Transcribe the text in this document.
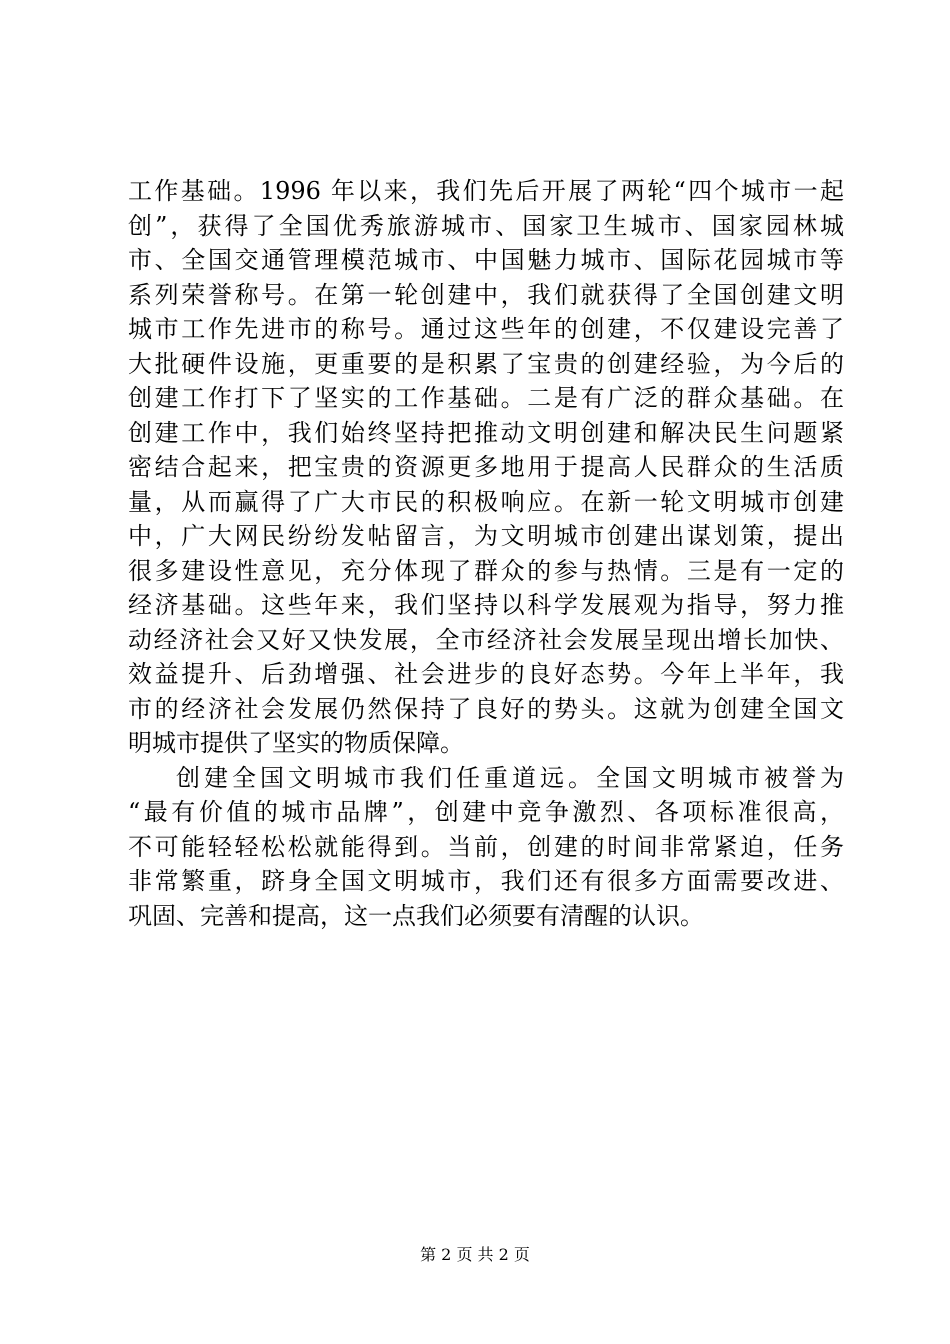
工作基础。1996 年以来，我们先后开展了两轮“四个城市一起
创”，获得了全国优秀旅游城市、国家卫生城市、国家园林城
市、全国交通管理模范城市、中国魅力城市、国际花园城市等
系列荣誉称号。在第一轮创建中，我们就获得了全国创建文明
城市工作先进市的称号。通过这些年的创建，不仅建设完善了
大批硬件设施，更重要的是积累了宝贵的创建经验，为今后的
创建工作打下了坚实的工作基础。二是有广泛的群众基础。在
创建工作中，我们始终坚持把推动文明创建和解决民生问题紧
密结合起来，把宝贵的资源更多地用于提高人民群众的生活质
量，从而赢得了广大市民的积极响应。在新一轮文明城市创建
中，广大网民纷纷发帖留言，为文明城市创建出谋划策，提出
很多建设性意见，充分体现了群众的参与热情。三是有一定的
经济基础。这些年来，我们坚持以科学发展观为指导，努力推
动经济社会又好又快发展，全市经济社会发展呈现出增长加快、
效益提升、后劲增强、社会进步的良好态势。今年上半年，我
市的经济社会发展仍然保持了良好的势头。这就为创建全国文
明城市提供了坚实的物质保障。
创建全国文明城市我们任重道远。全国文明城市被誉为
“最有价值的城市品牌”，创建中竞争激烈、各项标准很高，
不可能轻轻松松就能得到。当前，创建的时间非常紧迫，任务
非常繁重，跻身全国文明城市，我们还有很多方面需要改进、
巩固、完善和提高，这一点我们必须要有清醒的认识。
第 2 页 共 2 页
